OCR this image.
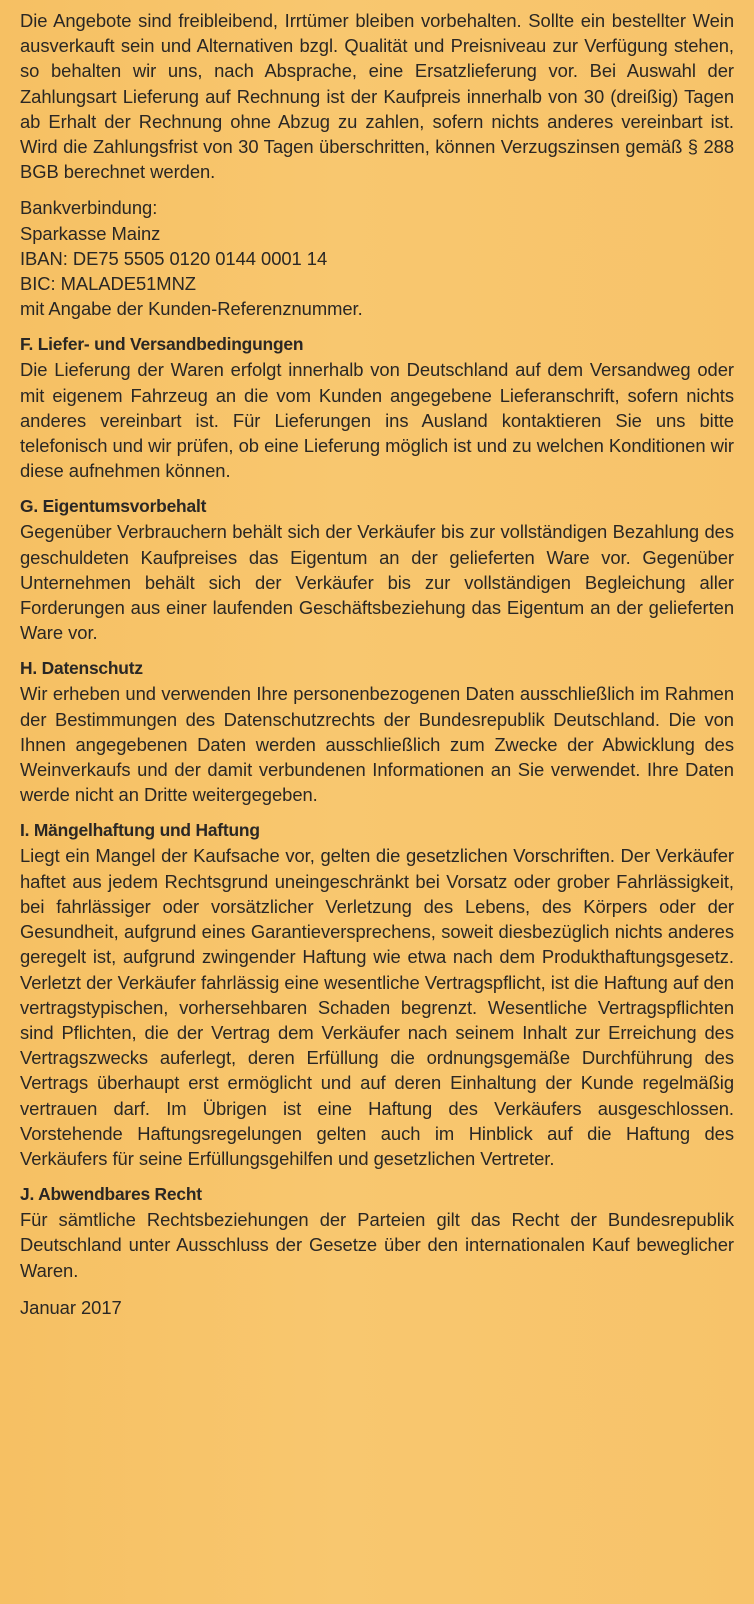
Die Angebote sind freibleibend, Irrtümer bleiben vorbehalten. Sollte ein bestellter Wein ausverkauft sein und Alternativen bzgl. Qualität und Preisniveau zur Verfügung stehen, so behalten wir uns, nach Absprache, eine Ersatzlieferung vor. Bei Auswahl der Zahlungsart Lieferung auf Rechnung ist der Kaufpreis innerhalb von 30 (dreißig) Tagen ab Erhalt der Rechnung ohne Abzug zu zahlen, sofern nichts anderes vereinbart ist. Wird die Zahlungsfrist von 30 Tagen überschritten, können Verzugszinsen gemäß § 288 BGB berechnet werden.

Bankverbindung:

Sparkasse Mainz

IBAN: DE75 5505 0120 0144 0001 14

BIC: MALADE51MNZ

mit Angabe der Kunden-Referenznummer.

F. Liefer- und Versandbedingungen

Die Lieferung der Waren erfolgt innerhalb von Deutschland auf dem Versandweg oder mit eigenem Fahrzeug an die vom Kunden angegebene Lieferanschrift, sofern nichts anderes vereinbart ist. Für Lieferungen ins Ausland kontaktieren Sie uns bitte telefonisch und wir prüfen, ob eine Lieferung möglich ist und zu welchen Konditionen wir diese aufnehmen können.

G. Eigentumsvorbehalt

Gegenüber Verbrauchern behält sich der Verkäufer bis zur vollständigen Bezahlung des geschuldeten Kaufpreises das Eigentum an der gelieferten Ware vor. Gegenüber Unternehmen behält sich der Verkäufer bis zur vollständigen Begleichung aller Forderungen aus einer laufenden Geschäftsbeziehung das Eigentum an der gelieferten Ware vor.

H. Datenschutz

Wir erheben und verwenden Ihre personenbezogenen Daten ausschließlich im Rahmen der Bestimmungen des Datenschutzrechts der Bundesrepublik Deutschland. Die von Ihnen angegebenen Daten werden ausschließlich zum Zwecke der Abwicklung des Weinverkaufs und der damit verbundenen Informationen an Sie verwendet. Ihre Daten werde nicht an Dritte weitergegeben.

I. Mängelhaftung und Haftung

Liegt ein Mangel der Kaufsache vor, gelten die gesetzlichen Vorschriften. Der Verkäufer haftet aus jedem Rechtsgrund uneingeschränkt bei Vorsatz oder grober Fahrlässigkeit, bei fahrlässiger oder vorsätzlicher Verletzung des Lebens, des Körpers oder der Gesundheit, aufgrund eines Garantieversprechens, soweit diesbezüglich nichts anderes geregelt ist, aufgrund zwingender Haftung wie etwa nach dem Produkthaftungsgesetz. Verletzt der Verkäufer fahrlässig eine wesentliche Vertragspflicht, ist die Haftung auf den vertragstypischen, vorhersehbaren Schaden begrenzt. Wesentliche Vertragspflichten sind Pflichten, die der Vertrag dem Verkäufer nach seinem Inhalt zur Erreichung des Vertragszwecks auferlegt, deren Erfüllung die ordnungsgemäße Durchführung des Vertrags überhaupt erst ermöglicht und auf deren Einhaltung der Kunde regelmäßig vertrauen darf. Im Übrigen ist eine Haftung des Verkäufers ausgeschlossen. Vorstehende Haftungsregelungen gelten auch im Hinblick auf die Haftung des Verkäufers für seine Erfüllungsgehilfen und gesetzlichen Vertreter.

J. Abwendbares Recht

Für sämtliche Rechtsbeziehungen der Parteien gilt das Recht der Bundesrepublik Deutschland unter Ausschluss der Gesetze über den internationalen Kauf beweglicher Waren.

Januar 2017
